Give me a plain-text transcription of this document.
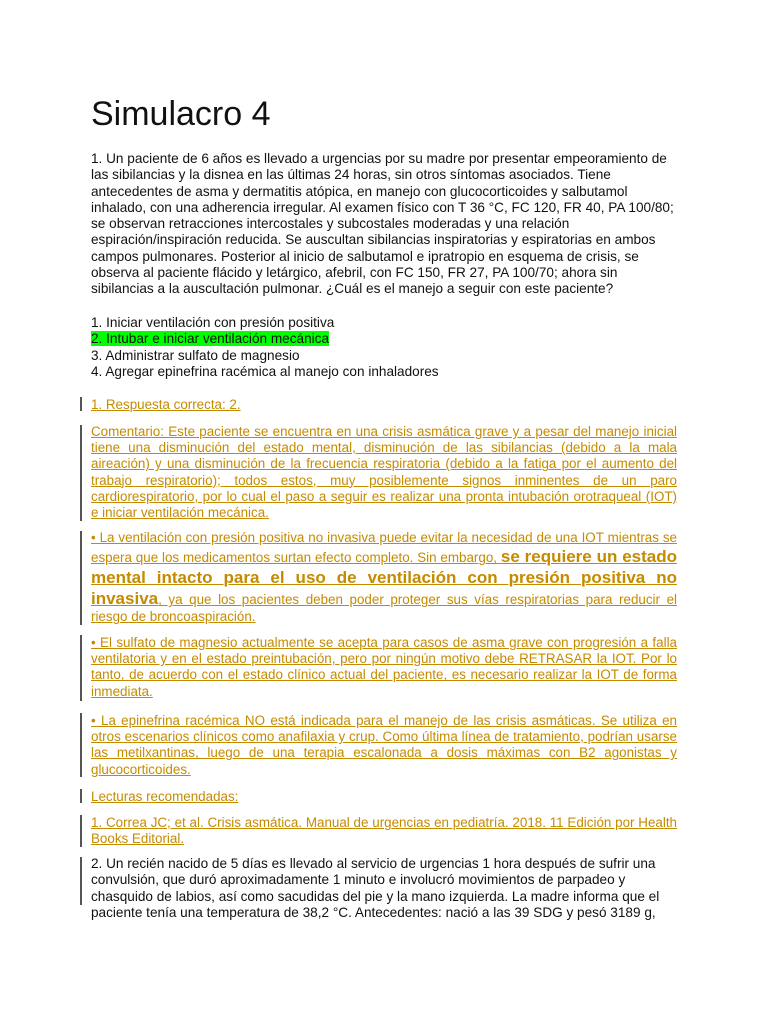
Simulacro 4

1. Un paciente de 6 años es llevado a urgencias por su madre por presentar empeoramiento de las sibilancias y la disnea en las últimas 24 horas, sin otros síntomas asociados. Tiene antecedentes de asma y dermatitis atópica, en manejo con glucocorticoides y salbutamol inhalado, con una adherencia irregular. Al examen físico con T 36 °C, FC 120, FR 40, PA 100/80; se observan retracciones intercostales y subcostales moderadas y una relación espiración/inspiración reducida. Se auscultan sibilancias inspiratorias y espiratorias en ambos campos pulmonares. Posterior al inicio de salbutamol e ipratropio en esquema de crisis, se observa al paciente flácido y letárgico, afebril, con FC 150, FR 27, PA 100/70; ahora sin sibilancias a la auscultación pulmonar. ¿Cuál es el manejo a seguir con este paciente?

1. Iniciar ventilación con presión positiva
2. Intubar e iniciar ventilación mecánica
3. Administrar sulfato de magnesio
4. Agregar epinefrina racémica al manejo con inhaladores

1. Respuesta correcta: 2.

Comentario: Este paciente se encuentra en una crisis asmática grave y a pesar del manejo inicial tiene una disminución del estado mental, disminución de las sibilancias (debido a la mala aireación) y una disminución de la frecuencia respiratoria (debido a la fatiga por el aumento del trabajo respiratorio); todos estos, muy posiblemente signos inminentes de un paro cardiorespiratorio, por lo cual el paso a seguir es realizar una pronta intubación orotraqueal (IOT) e iniciar ventilación mecánica.

• La ventilación con presión positiva no invasiva puede evitar la necesidad de una IOT mientras se espera que los medicamentos surtan efecto completo. Sin embargo, se requiere un estado mental intacto para el uso de ventilación con presión positiva no invasiva, ya que los pacientes deben poder proteger sus vías respiratorias para reducir el riesgo de broncoaspiración.

• El sulfato de magnesio actualmente se acepta para casos de asma grave con progresión a falla ventilatoria y en el estado preintubación, pero por ningún motivo debe RETRASAR la IOT. Por lo tanto, de acuerdo con el estado clínico actual del paciente, es necesario realizar la IOT de forma inmediata.

• La epinefrina racémica NO está indicada para el manejo de las crisis asmáticas. Se utiliza en otros escenarios clínicos como anafilaxia y crup. Como última línea de tratamiento, podrían usarse las metilxantinas, luego de una terapia escalonada a dosis máximas con B2 agonistas y glucocorticoides.

Lecturas recomendadas:

1. Correa JC; et al. Crisis asmática. Manual de urgencias en pediatría. 2018. 11 Edición por Health Books Editorial.

2. Un recién nacido de 5 días es llevado al servicio de urgencias 1 hora después de sufrir una convulsión, que duró aproximadamente 1 minuto e involucró movimientos de parpadeo y chasquido de labios, así como sacudidas del pie y la mano izquierda. La madre informa que el paciente tenía una temperatura de 38,2 °C. Antecedentes: nació a las 39 SDG y pesó 3189 g,
